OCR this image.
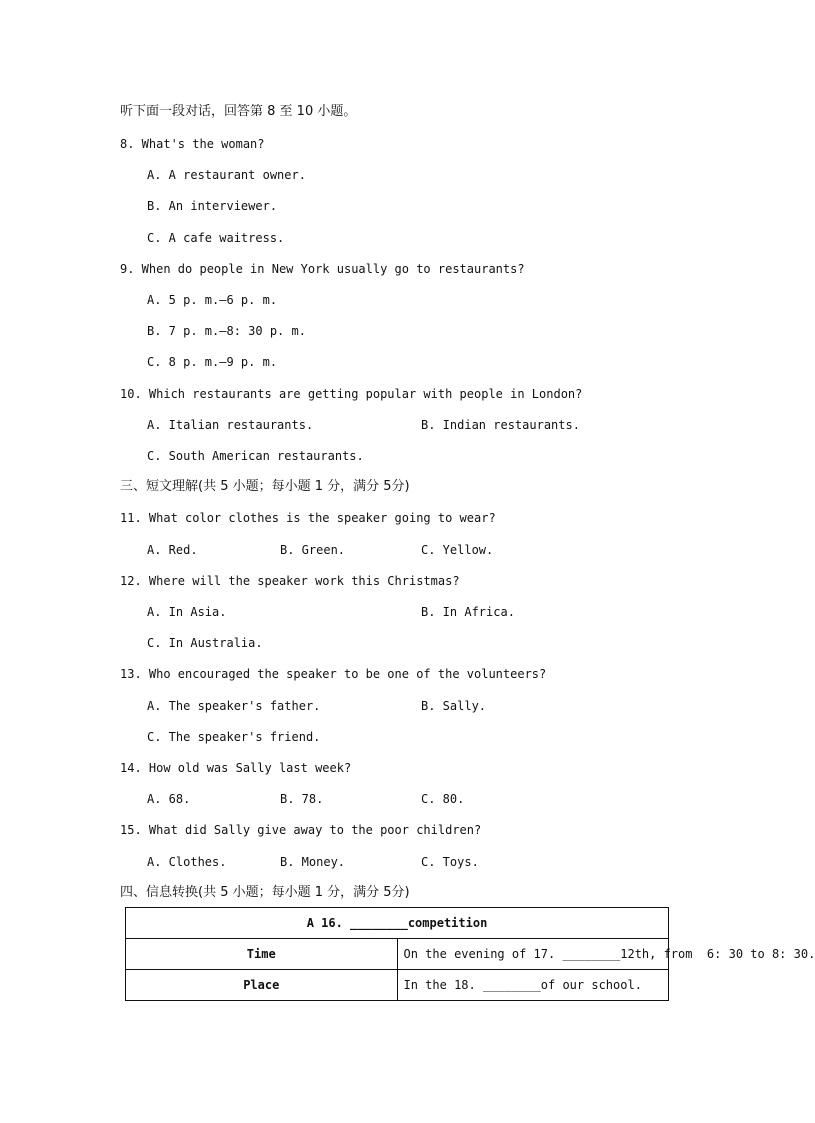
听下面一段对话，回答第 8 至 10 小题。
8. What's the woman?
A. A restaurant owner.
B. An interviewer.
C. A cafe waitress.
9. When do people in New York usually go to restaurants?
A. 5 p. m.—6 p. m.
B. 7 p. m.—8: 30 p. m.
C. 8 p. m.—9 p. m.
10. Which restaurants are getting popular with people in London?
A. Italian restaurants.	B. Indian restaurants.
C. South American restaurants.
三、短文理解(共 5 小题；每小题 1 分，满分 5分)
11. What color clothes is the speaker going to wear?
A. Red.	B. Green.	C. Yellow.
12. Where will the speaker work this Christmas?
A. In Asia.	B. In Africa.
C. In Australia.
13. Who encouraged the speaker to be one of the volunteers?
A. The speaker's father.	B. Sally.
C. The speaker's friend.
14. How old was Sally last week?
A. 68.	B. 78.	C. 80.
15. What did Sally give away to the poor children?
A. Clothes.	B. Money.	C. Toys.
四、信息转换(共 5 小题；每小题 1 分，满分 5分)
A 16. ________competition	
Time	On the evening of 17. ________12th, from  6: 30 to 8: 30.
Place	In the 18. ________of our school.
